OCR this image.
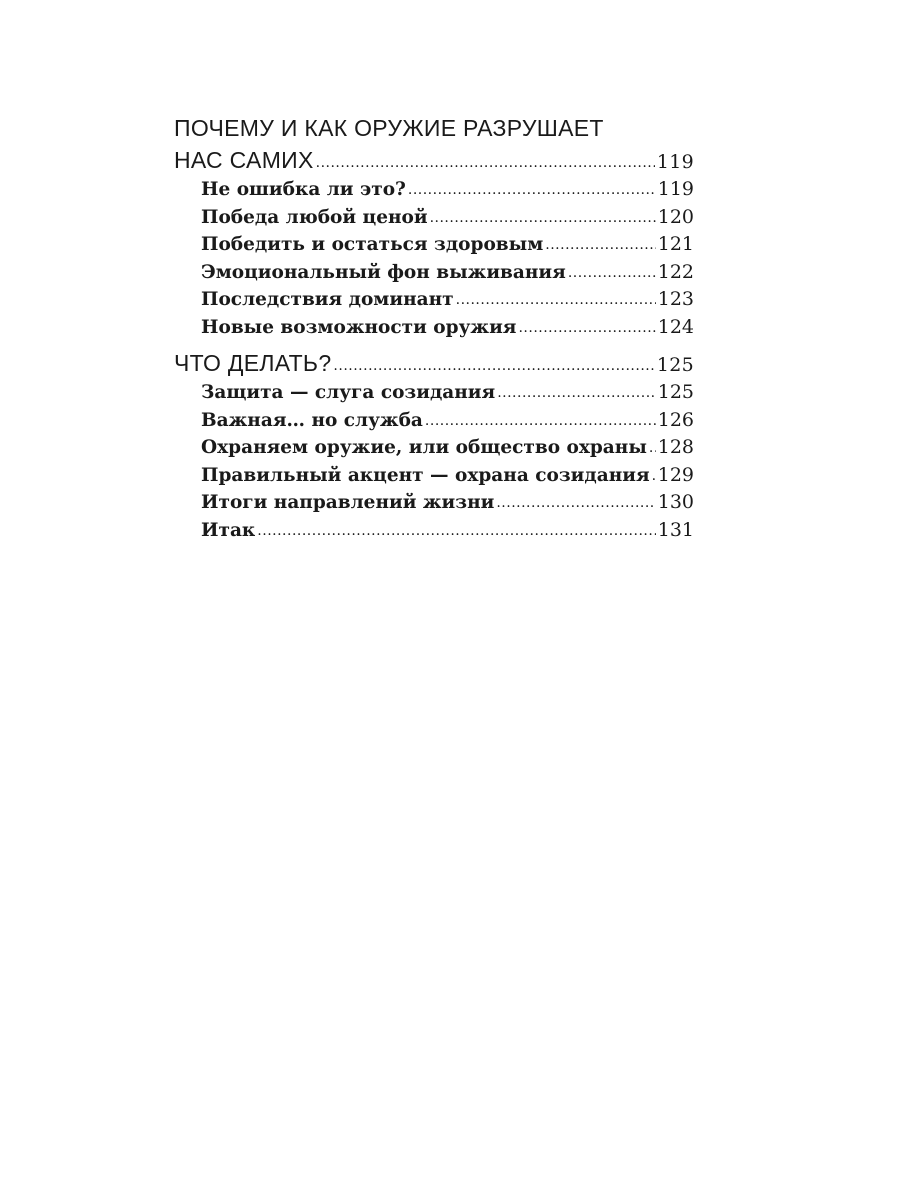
ПОЧЕМУ И КАК ОРУЖИЕ РАЗРУШАЕТ
НАС САМИХ .....	119
Не ошибка ли это? .....	119
Победа любой ценой .....	120
Победить и остаться здоровым .....	121
Эмоциональный фон выживания .....	122
Последствия доминант .....	123
Новые возможности оружия .....	124
ЧТО ДЕЛАТЬ? .....	125
Защита — слуга созидания .....	125
Важная… но служба .....	126
Охраняем оружие, или общество охраны ..... 128
Правильный акцент — охрана созидания ..... 129
Итоги направлений жизни .....	130
Итак .....	131
